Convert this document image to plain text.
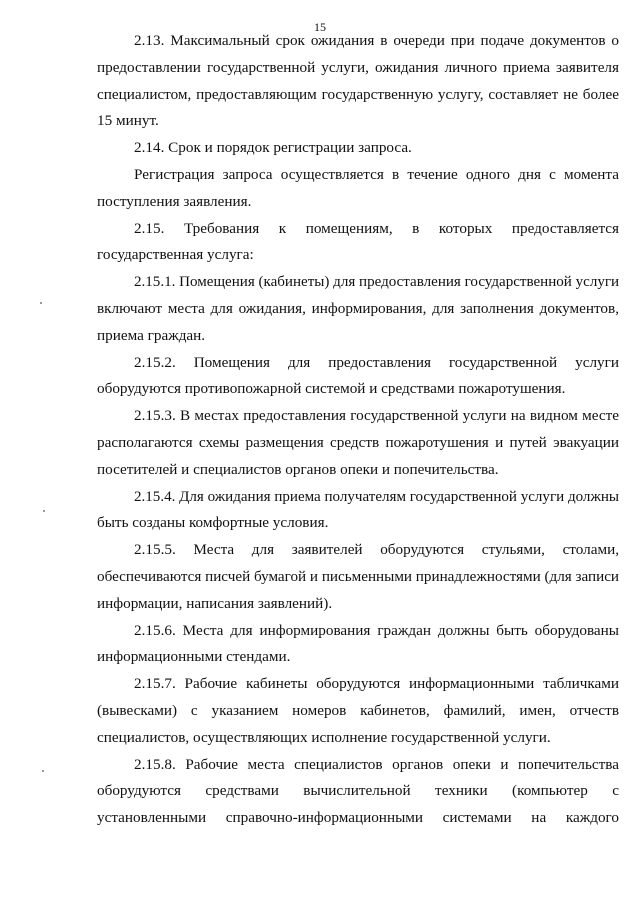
15

2.13. Максимальный срок ожидания в очереди при подаче документов о
предоставлении государственной услуги, ожидания личного приема заявителя
специалистом, предоставляющим государственную услугу, составляет не более
15 минут.

2.14. Срок и порядок регистрации запроса.

Регистрация запроса осуществляется в течение одного дня с момента
поступления заявления.

2.15. Требования к помещениям, в которых предоставляется
государственная услуга:

2.15.1. Помещения (кабинеты) для предоставления государственной услуги
включают места для ожидания, информирования, для заполнения документов,
приема граждан.

2.15.2. Помещения для предоставления государственной услуги
оборудуются противопожарной системой и средствами пожаротушения.

2.15.3. В местах предоставления государственной услуги на видном месте
располагаются схемы размещения средств пожаротушения и путей эвакуации
посетителей и специалистов органов опеки и попечительства.

2.15.4. Для ожидания приема получателям государственной услуги должны
быть созданы комфортные условия.

2.15.5. Места для заявителей оборудуются стульями, столами,
обеспечиваются писчей бумагой и письменными принадлежностями (для записи
информации, написания заявлений).

2.15.6. Места для информирования граждан должны быть оборудованы
информационными стендами.

2.15.7. Рабочие кабинеты оборудуются информационными табличками
(вывесками) с указанием номеров кабинетов, фамилий, имен, отчеств
специалистов, осуществляющих исполнение государственной услуги.

2.15.8. Рабочие места специалистов органов опеки и попечительства
оборудуются средствами вычислительной техники (компьютер с
установленными справочно-информационными системами на каждого
